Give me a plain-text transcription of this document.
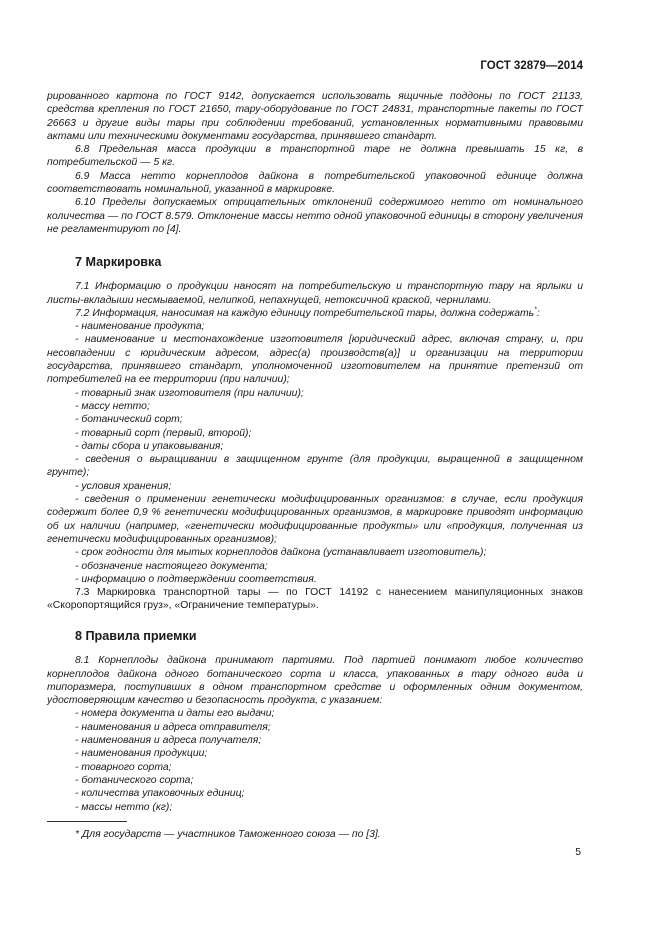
ГОСТ 32879—2014

рированного картона по ГОСТ 9142, допускается использовать ящичные поддоны по ГОСТ 21133, средства крепления по ГОСТ 21650, тару-оборудование по ГОСТ 24831, транспортные пакеты по ГОСТ 26663 и другие виды тары при соблюдении требований, установленных нормативными правовыми актами или техническими документами государства, принявшего стандарт.

6.8 Предельная масса продукции в транспортной таре не должна превышать 15 кг, в потребительской — 5 кг.

6.9 Масса нетто корнеплодов дайкона в потребительской упаковочной единице должна соответствовать номинальной, указанной в маркировке.

6.10 Пределы допускаемых отрицательных отклонений содержимого нетто от номинального количества — по ГОСТ 8.579. Отклонение массы нетто одной упаковочной единицы в сторону увеличения не регламентируют по [4].

7 Маркировка

7.1 Информацию о продукции наносят на потребительскую и транспортную тару на ярлыки и листы-вкладыши несмываемой, нелипкой, непахнущей, нетоксичной краской, чернилами.

7.2 Информация, наносимая на каждую единицу потребительской тары, должна содержать*:

- наименование продукта;

- наименование и местонахождение изготовителя [юридический адрес, включая страну, и, при несовпадении с юридическим адресом, адрес(а) производств(а)] и организации на территории государства, принявшего стандарт, уполномоченной изготовителем на принятие претензий от потребителей на ее территории (при наличии);

- товарный знак изготовителя (при наличии);

- массу нетто;

- ботанический сорт;

- товарный сорт (первый, второй);

- даты сбора и упаковывания;

- сведения о выращивании в защищенном грунте (для продукции, выращенной в защищенном грунте);

- условия хранения;

- сведения о применении генетически модифицированных организмов: в случае, если продукция содержит более 0,9 % генетически модифицированных организмов, в маркировке приводят информацию об их наличии (например, «генетически модифицированные продукты» или «продукция, полученная из генетически модифицированных организмов);

- срок годности для мытых корнеплодов дайкона (устанавливает изготовитель);

- обозначение настоящего документа;

- информацию о подтверждении соответствия.

7.3 Маркировка транспортной тары — по ГОСТ 14192 с нанесением манипуляционных знаков «Скоропортящийся груз», «Ограничение температуры».

8 Правила приемки

8.1 Корнеплоды дайкона принимают партиями. Под партией понимают любое количество корнеплодов дайкона одного ботанического сорта и класса, упакованных в тару одного вида и типоразмера, поступивших в одном транспортном средстве и оформленных одним документом, удостоверяющим качество и безопасность продукта, с указанием:

- номера документа и даты его выдачи;

- наименования и адреса отправителя;

- наименования и адреса получателя;

- наименования продукции;

- товарного сорта;

- ботанического сорта;

- количества упаковочных единиц;

- массы нетто (кг);

* Для государств — участников Таможенного союза — по [3].
5
